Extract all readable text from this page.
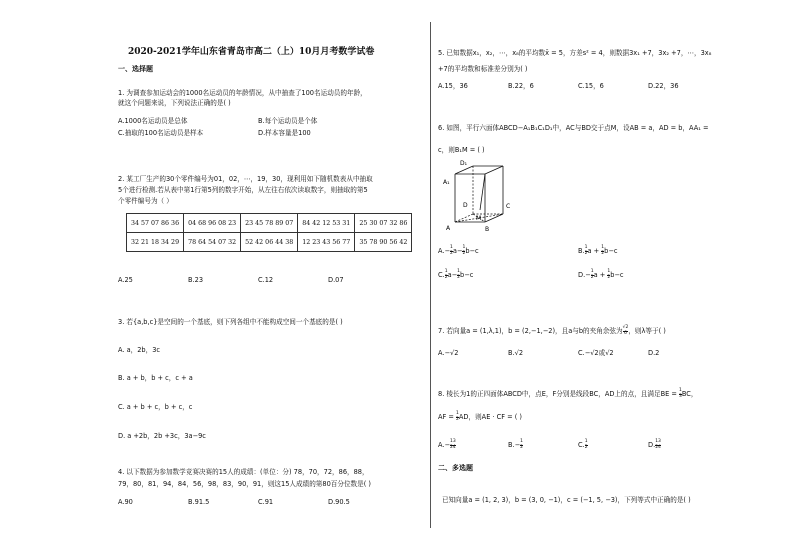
2020-2021学年山东省青岛市高二（上）10月月考数学试卷
一、选择题
1. 为调查参加运动会的1000名运动员的年龄情况，从中抽查了100名运动员的年龄，
就这个问题来说，下列说法正确的是( )
A.1000名运动员是总体	B.每个运动员是个体
C.抽取的100名运动员是样本	D.样本容量是100
2. 某工厂生产的30个零件编号为01，02，⋯，19，30，现利用如下随机数表从中抽取
5个进行检测.若从表中第1行第5列的数字开始，从左往右依次读取数字，则抽取的第5
个零件编号为（ ）
34 57 07 86 36	04 68 96 08 23	23 45 78 89 07	84 42 12 53 31	25 30 07 32 86
32 21 18 34 29	78 64 54 07 32	52 42 06 44 38	12 23 43 56 77	35 78 90 56 42
A.25	B.23	C.12	D.07
3. 若{a,b,c}是空间的一个基底，则下列各组中不能构成空间一个基底的是( )
A. a，2b，3c
B. a + b，b + c，c + a
C. a + b + c，b + c，c
D. a +2b，2b +3c，3a−9c
4. 以下数据为参加数学竞赛决赛的15人的成绩：(单位：分) 78，70，72，86，88，
79，80，81，94，84，56，98，83，90，91，则这15人成绩的第80百分位数是( )
A.90	B.91.5	C.91	D.90.5
5. 已知数据x₁，x₂，⋯，x₈的平均数x̄ = 5，方差s² = 4，则数据3x₁ +7，3x₂ +7，⋯，3x₈
+7的平均数和标准差分别为( )
A.15，36	B.22，6	C.15，6	D.22，36
6. 如图，平行六面体ABCD−A₁B₁C₁D₁中，AC与BD交于点M，设AB = a，AD = b，AA₁ =
c，则B₁M = ( )
D₁
A₁
D	C
M
A	B
$A.- \frac{1}{2} a- \frac{1}{2} b-c$	B. $\frac{1}{2}$ $a + \frac{1}{2} b-c$
C. $\frac{1}{2} a- \frac{1}{2} b-c$	$D.- \frac{1}{2}$ $a + \frac{1}{2} b-c$
7. 若向量a = (1,λ,1)，b = (2,−1,−2)，且a与b的夹角余弦为 $\frac{√2}{6}$ ，则λ等于( )
A.−√2	B.√2	C.−√2或√2	D.2
8. 棱长为1的正四面体ABCD中，点E，F分别是线段BC，AD上的点，且满足BE = $\frac{1}{3}$ BC，
AF = $\frac{1}{2}$ AD，则AE · CF = ( )
$A.- \frac{13}{24}$	$B.- \frac{1}{2}$	C. $\frac{1}{2}$	D. $\frac{13}{24}$
二、多选题
已知向量a = (1, 2, 3)，b = (3, 0, −1)，c = (−1, 5, −3)，下列等式中正确的是( )
